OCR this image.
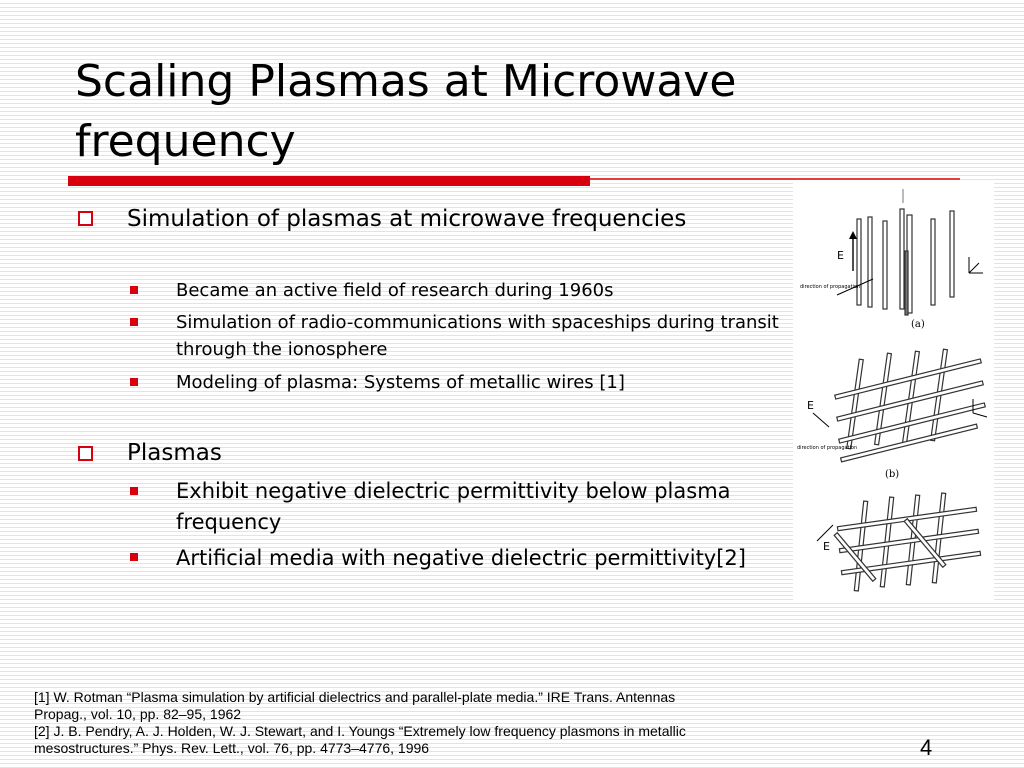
Scaling Plasmas at Microwave frequency
Simulation of plasmas at microwave frequencies
Became an active field of research during 1960s
Simulation of radio-communications with spaceships during transit through the ionosphere
Modeling of plasma: Systems of metallic wires [1]
Plasmas
Exhibit negative dielectric permittivity below plasma frequency
Artificial media with negative dielectric permittivity[2]
E
direction of propagation
(a)
E
direction of propagation
(b)
E
[1] W. Rotman “Plasma simulation by artificial dielectrics and parallel-plate media.” IRE Trans. Antennas Propag., vol. 10, pp. 82–95, 1962
[2] J. B. Pendry, A. J. Holden, W. J. Stewart, and I. Youngs “Extremely low frequency plasmons in metallic mesostructures.” Phys. Rev. Lett., vol. 76, pp. 4773–4776, 1996	4
